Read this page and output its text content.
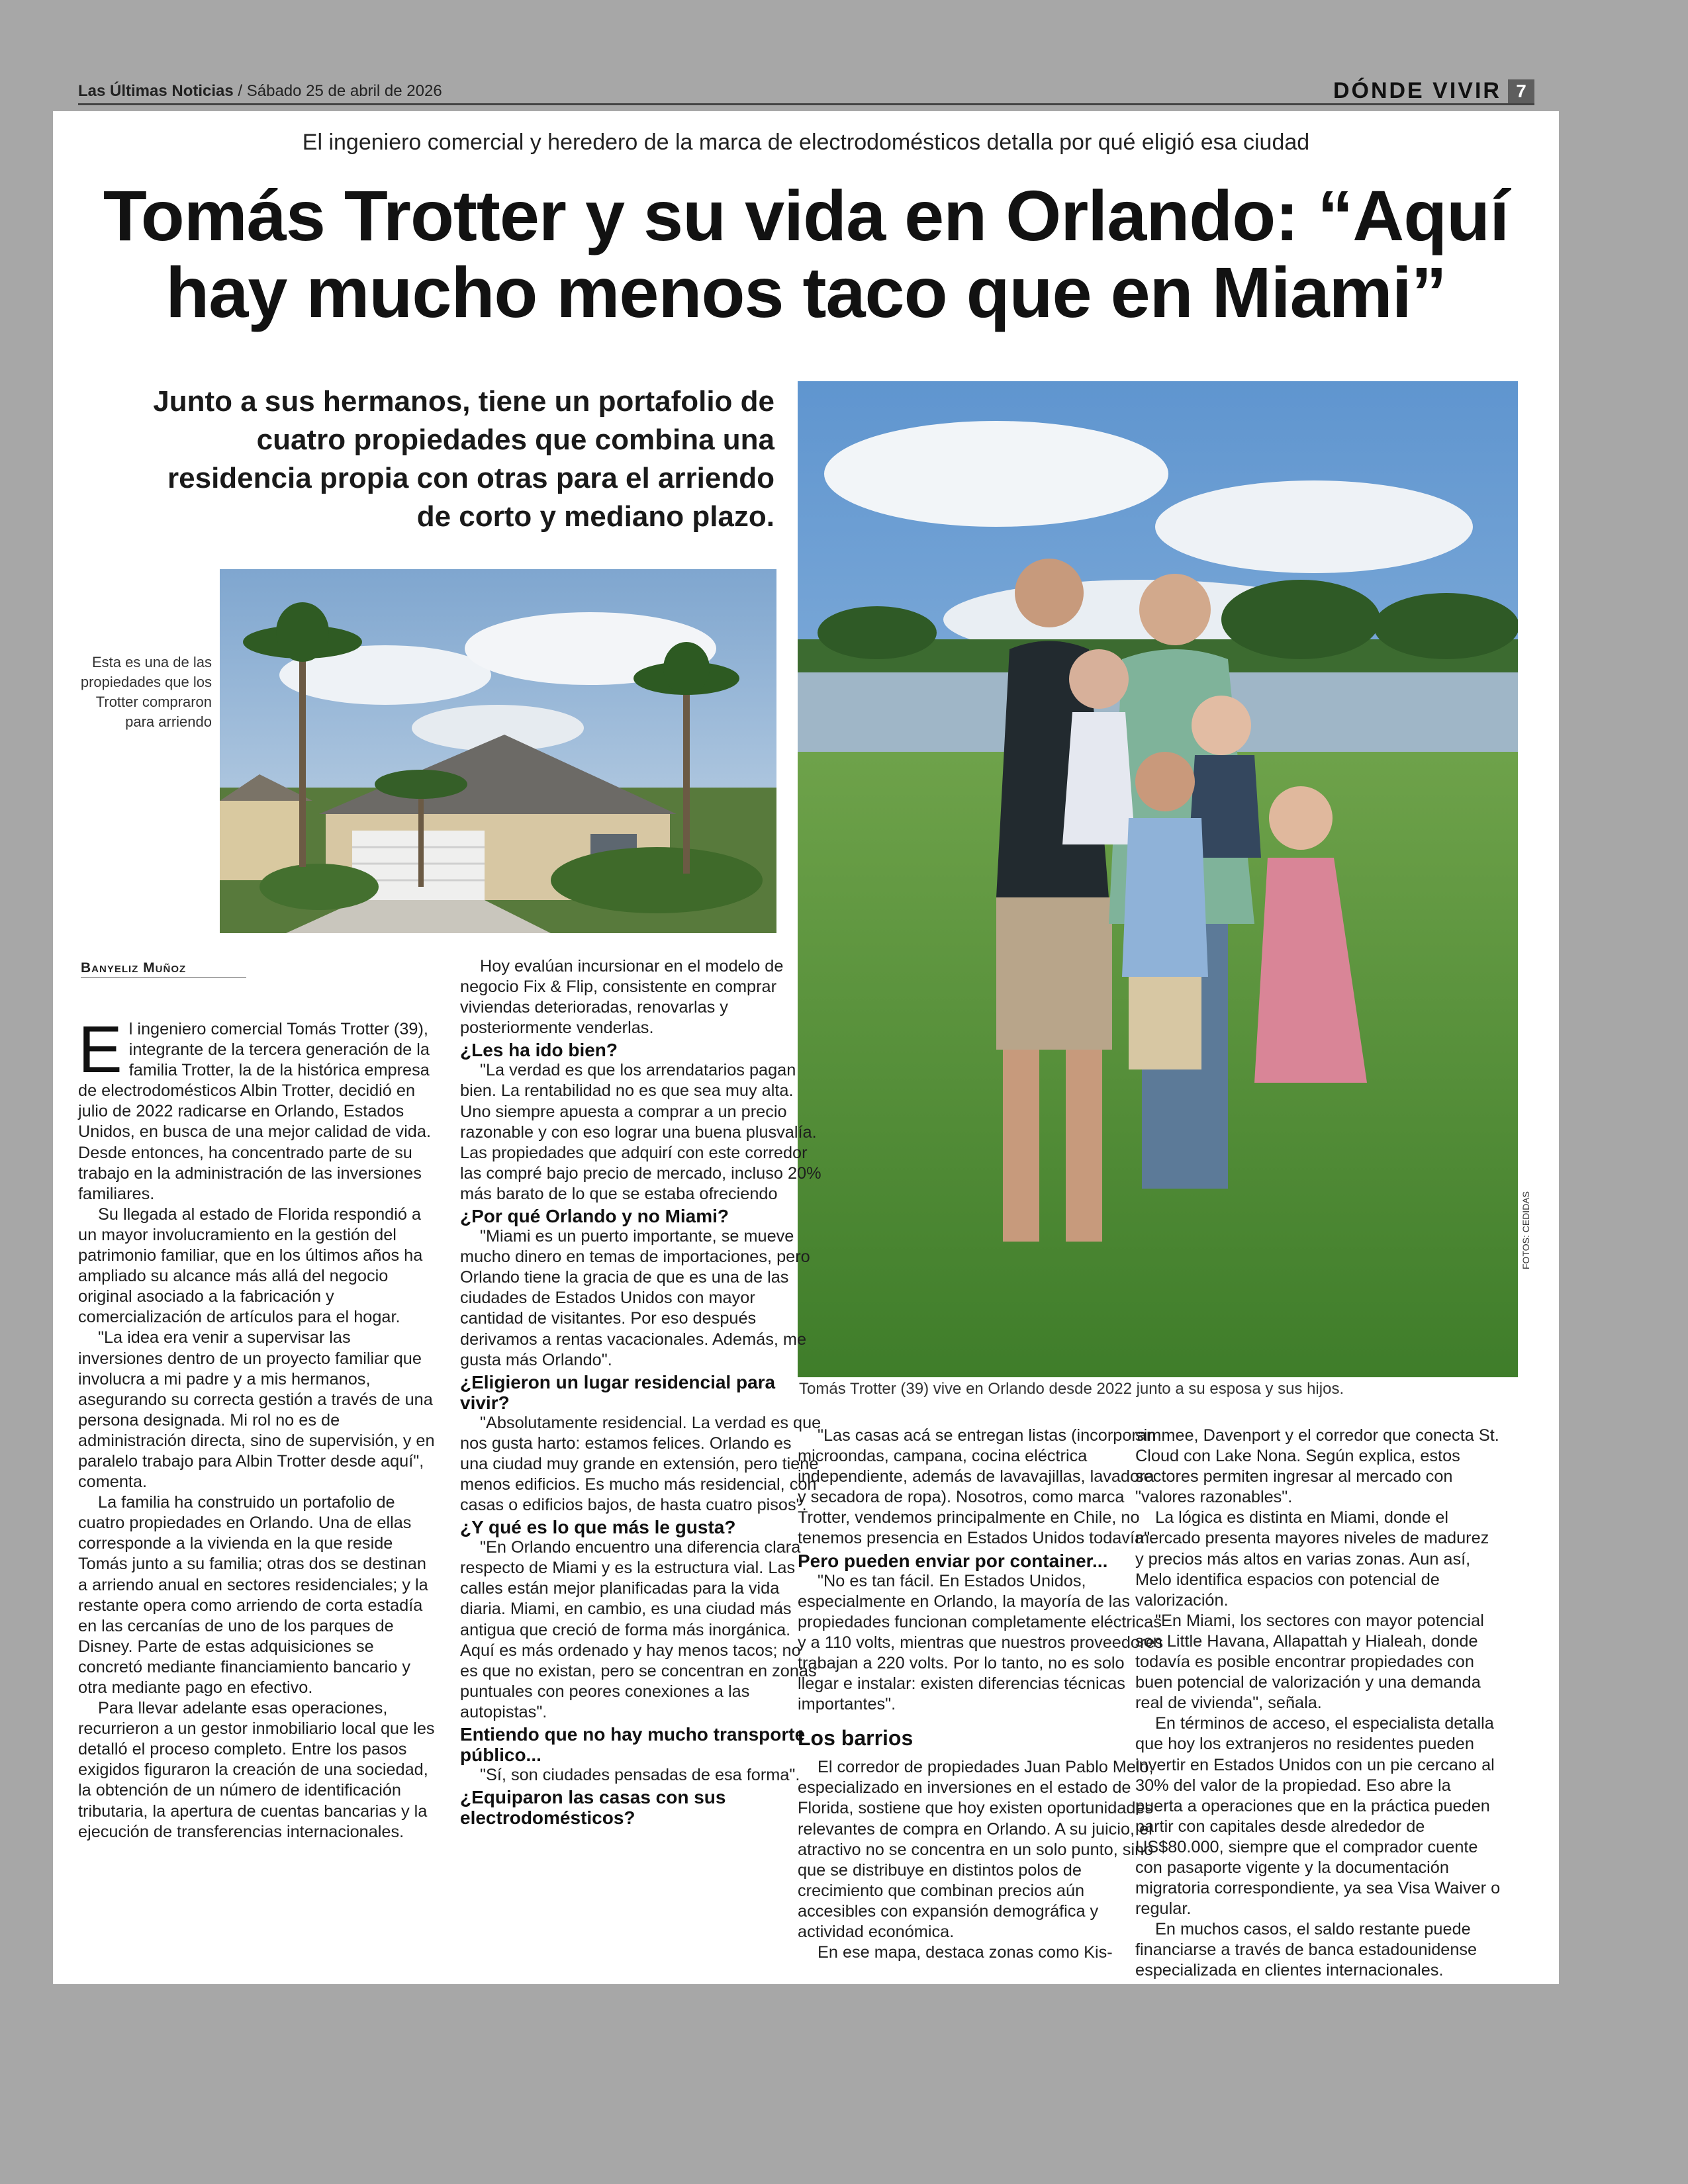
Las Últimas Noticias / Sábado 25 de abril de 2026	DÓNDE VIVIR 7
El ingeniero comercial y heredero de la marca de electrodomésticos detalla por qué eligió esa ciudad
Tomás Trotter y su vida en Orlando: “Aquí
hay mucho menos taco que en Miami”
Junto a sus hermanos, tiene un portafolio de cuatro propiedades que combina una residencia propia con otras para el arriendo de corto y mediano plazo.
Esta es una de las propiedades que los Trotter compraron para arriendo
FOTOS: CEDIDAS
Tomás Trotter (39) vive en Orlando desde 2022 junto a su esposa y sus hijos.
Banyeliz Muñoz

El ingeniero comercial Tomás Trotter (39), integrante de la tercera generación de la familia Trotter, la de la histórica empresa de electrodomésticos Albin Trotter, decidió en julio de 2022 radicarse en Orlando, Estados Unidos, en busca de una mejor calidad de vida. Desde entonces, ha concentrado parte de su trabajo en la administración de las inversiones familiares.

Su llegada al estado de Florida respondió a un mayor involucramiento en la gestión del patrimonio familiar, que en los últimos años ha ampliado su alcance más allá del negocio original asociado a la fabricación y comercialización de artículos para el hogar.

"La idea era venir a supervisar las inversiones dentro de un proyecto familiar que involucra a mi padre y a mis hermanos, asegurando su correcta gestión a través de una persona designada. Mi rol no es de administración directa, sino de supervisión, y en paralelo trabajo para Albin Trotter desde aquí", comenta.

La familia ha construido un portafolio de cuatro propiedades en Orlando. Una de ellas corresponde a la vivienda en la que reside Tomás junto a su familia; otras dos se destinan a arriendo anual en sectores residenciales; y la restante opera como arriendo de corta estadía en las cercanías de uno de los parques de Disney. Parte de estas adquisiciones se concretó mediante financiamiento bancario y otra mediante pago en efectivo.

Para llevar adelante esas operaciones, recurrieron a un gestor inmobiliario local que les detalló el proceso completo. Entre los pasos exigidos figuraron la creación de una sociedad, la obtención de un número de identificación tributaria, la apertura de cuentas bancarias y la ejecución de transferencias internacionales.

Hoy evalúan incursionar en el modelo de negocio Fix & Flip, consistente en comprar viviendas deterioradas, renovarlas y posteriormente venderlas.

¿Les ha ido bien?

"La verdad es que los arrendatarios pagan bien. La rentabilidad no es que sea muy alta. Uno siempre apuesta a comprar a un precio razonable y con eso lograr una buena plusvalía. Las propiedades que adquirí con este corredor las compré bajo precio de mercado, incluso 20% más barato de lo que se estaba ofreciendo

¿Por qué Orlando y no Miami?

"Miami es un puerto importante, se mueve mucho dinero en temas de importaciones, pero Orlando tiene la gracia de que es una de las ciudades de Estados Unidos con mayor cantidad de visitantes. Por eso después derivamos a rentas vacacionales. Además, me gusta más Orlando".

¿Eligieron un lugar residencial para vivir?

"Absolutamente residencial. La verdad es que nos gusta harto: estamos felices. Orlando es una ciudad muy grande en extensión, pero tiene menos edificios. Es mucho más residencial, con casas o edificios bajos, de hasta cuatro pisos".

¿Y qué es lo que más le gusta?

"En Orlando encuentro una diferencia clara respecto de Miami y es la estructura vial. Las calles están mejor planificadas para la vida diaria. Miami, en cambio, es una ciudad más antigua que creció de forma más inorgánica. Aquí es más ordenado y hay menos tacos; no es que no existan, pero se concentran en zonas puntuales con peores conexiones a las autopistas".

Entiendo que no hay mucho transporte público...

"Sí, son ciudades pensadas de esa forma".

¿Equiparon las casas con sus electrodomésticos?

"Las casas acá se entregan listas (incorporan microondas, campana, cocina eléctrica independiente, además de lavavajillas, lavadora y secadora de ropa). Nosotros, como marca Trotter, vendemos principalmente en Chile, no tenemos presencia en Estados Unidos todavía".

Pero pueden enviar por container...

"No es tan fácil. En Estados Unidos, especialmente en Orlando, la mayoría de las propiedades funcionan completamente eléctricas y a 110 volts, mientras que nuestros proveedores trabajan a 220 volts. Por lo tanto, no es solo llegar e instalar: existen diferencias técnicas importantes".

Los barrios

El corredor de propiedades Juan Pablo Melo, especializado en inversiones en el estado de Florida, sostiene que hoy existen oportunidades relevantes de compra en Orlando. A su juicio, el atractivo no se concentra en un solo punto, sino que se distribuye en distintos polos de crecimiento que combinan precios aún accesibles con expansión demográfica y actividad económica.

En ese mapa, destaca zonas como Kis-

simmee, Davenport y el corredor que conecta St. Cloud con Lake Nona. Según explica, estos sectores permiten ingresar al mercado con "valores razonables".

La lógica es distinta en Miami, donde el mercado presenta mayores niveles de madurez y precios más altos en varias zonas. Aun así, Melo identifica espacios con potencial de valorización.

"En Miami, los sectores con mayor potencial son Little Havana, Allapattah y Hialeah, donde todavía es posible encontrar propiedades con buen potencial de valorización y una demanda real de vivienda", señala.

En términos de acceso, el especialista detalla que hoy los extranjeros no residentes pueden invertir en Estados Unidos con un pie cercano al 30% del valor de la propiedad. Eso abre la puerta a operaciones que en la práctica pueden partir con capitales desde alrededor de US$80.000, siempre que el comprador cuente con pasaporte vigente y la documentación migratoria correspondiente, ya sea Visa Waiver o regular.

En muchos casos, el saldo restante puede financiarse a través de banca estadounidense especializada en clientes internacionales.
